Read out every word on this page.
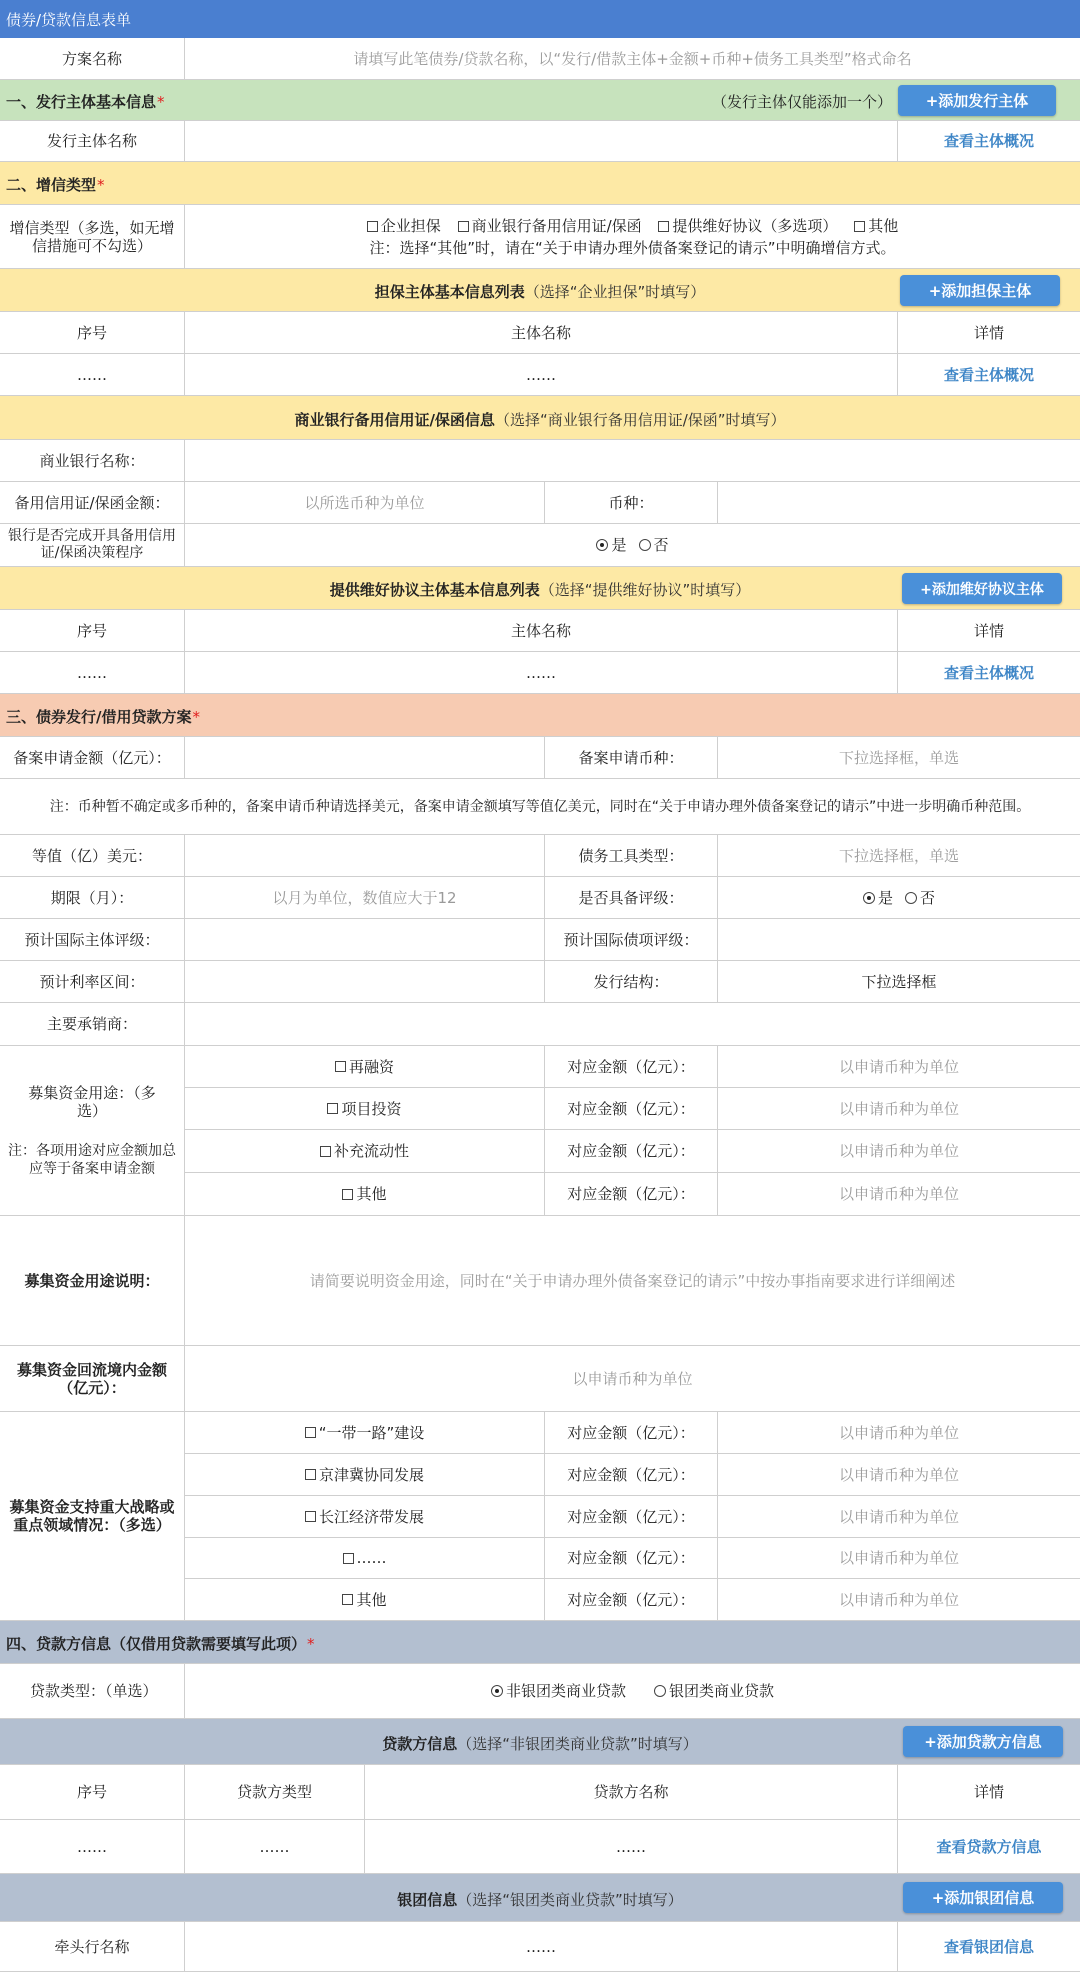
债券/贷款信息表单
方案名称	请填写此笔债券/贷款名称，以“发行/借款主体+金额+币种+债务工具类型”格式命名
一、发行主体基本信息*	（发行主体仅能添加一个）	+添加发行主体
发行主体名称	查看主体概况
二、增信类型*
增信类型（多选，如无增信措施可不勾选）
企业担保 商业银行备用信用证/保函 提供维好协议（多选项） 其他
注：选择“其他”时，请在“关于申请办理外债备案登记的请示”中明确增信方式。
担保主体基本信息列表（选择“企业担保”时填写）	+添加担保主体
序号	主体名称	详情
……	……	查看主体概况
商业银行备用信用证/保函信息（选择“商业银行备用信用证/保函”时填写）
商业银行名称：
备用信用证/保函金额：	以所选币种为单位	币种：
银行是否完成开具备用信用证/保函决策程序	是	否
提供维好协议主体基本信息列表（选择“提供维好协议”时填写）	+添加维好协议主体
序号	主体名称	详情
……	……	查看主体概况
三、债券发行/借用贷款方案*
备案申请金额（亿元）：	备案申请币种：	下拉选择框，单选
注：币种暂不确定或多币种的，备案申请币种请选择美元，备案申请金额填写等值亿美元，同时在“关于申请办理外债备案登记的请示”中进一步明确币种范围。
等值（亿）美元：	债务工具类型：	下拉选择框，单选
期限（月）：	以月为单位，数值应大于12	是否具备评级：	是	否
预计国际主体评级：	预计国际债项评级：
预计利率区间：	发行结构：	下拉选择框
主要承销商：
募集资金用途：（多选）
注：各项用途对应金额加总应等于备案申请金额
再融资	对应金额（亿元）：	以申请币种为单位
项目投资	对应金额（亿元）：	以申请币种为单位
补充流动性	对应金额（亿元）：	以申请币种为单位
其他	对应金额（亿元）：	以申请币种为单位
募集资金用途说明：	请简要说明资金用途，同时在“关于申请办理外债备案登记的请示”中按办事指南要求进行详细阐述
募集资金回流境内金额（亿元）：	以申请币种为单位
募集资金支持重大战略或重点领域情况：（多选）
“一带一路”建设	对应金额（亿元）：	以申请币种为单位
京津冀协同发展	对应金额（亿元）：	以申请币种为单位
长江经济带发展	对应金额（亿元）：	以申请币种为单位
……	对应金额（亿元）：	以申请币种为单位
其他	对应金额（亿元）：	以申请币种为单位
四、贷款方信息（仅借用贷款需要填写此项）*
贷款类型：（单选）	非银团类商业贷款	银团类商业贷款
贷款方信息（选择“非银团类商业贷款”时填写）	+添加贷款方信息
序号	贷款方类型	贷款方名称	详情
……	……	……	查看贷款方信息
银团信息（选择“银团类商业贷款”时填写）	+添加银团信息
牵头行名称	……	查看银团信息
